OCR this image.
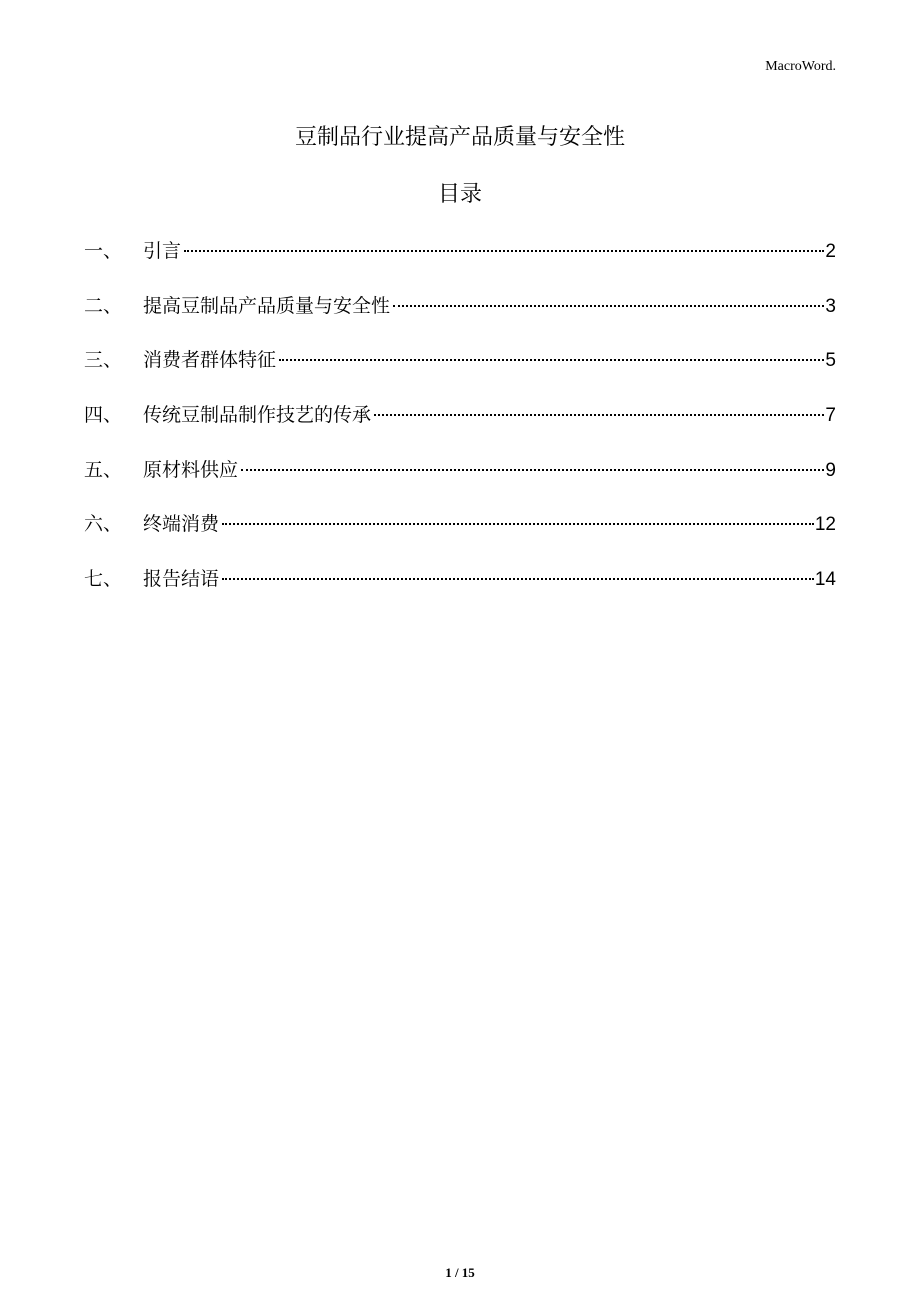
MacroWord.
豆制品行业提高产品质量与安全性
目录
一、	引言	2
二、	提高豆制品产品质量与安全性	3
三、	消费者群体特征	5
四、	传统豆制品制作技艺的传承	7
五、	原材料供应	9
六、	终端消费	12
七、	报告结语	14
1 / 15
